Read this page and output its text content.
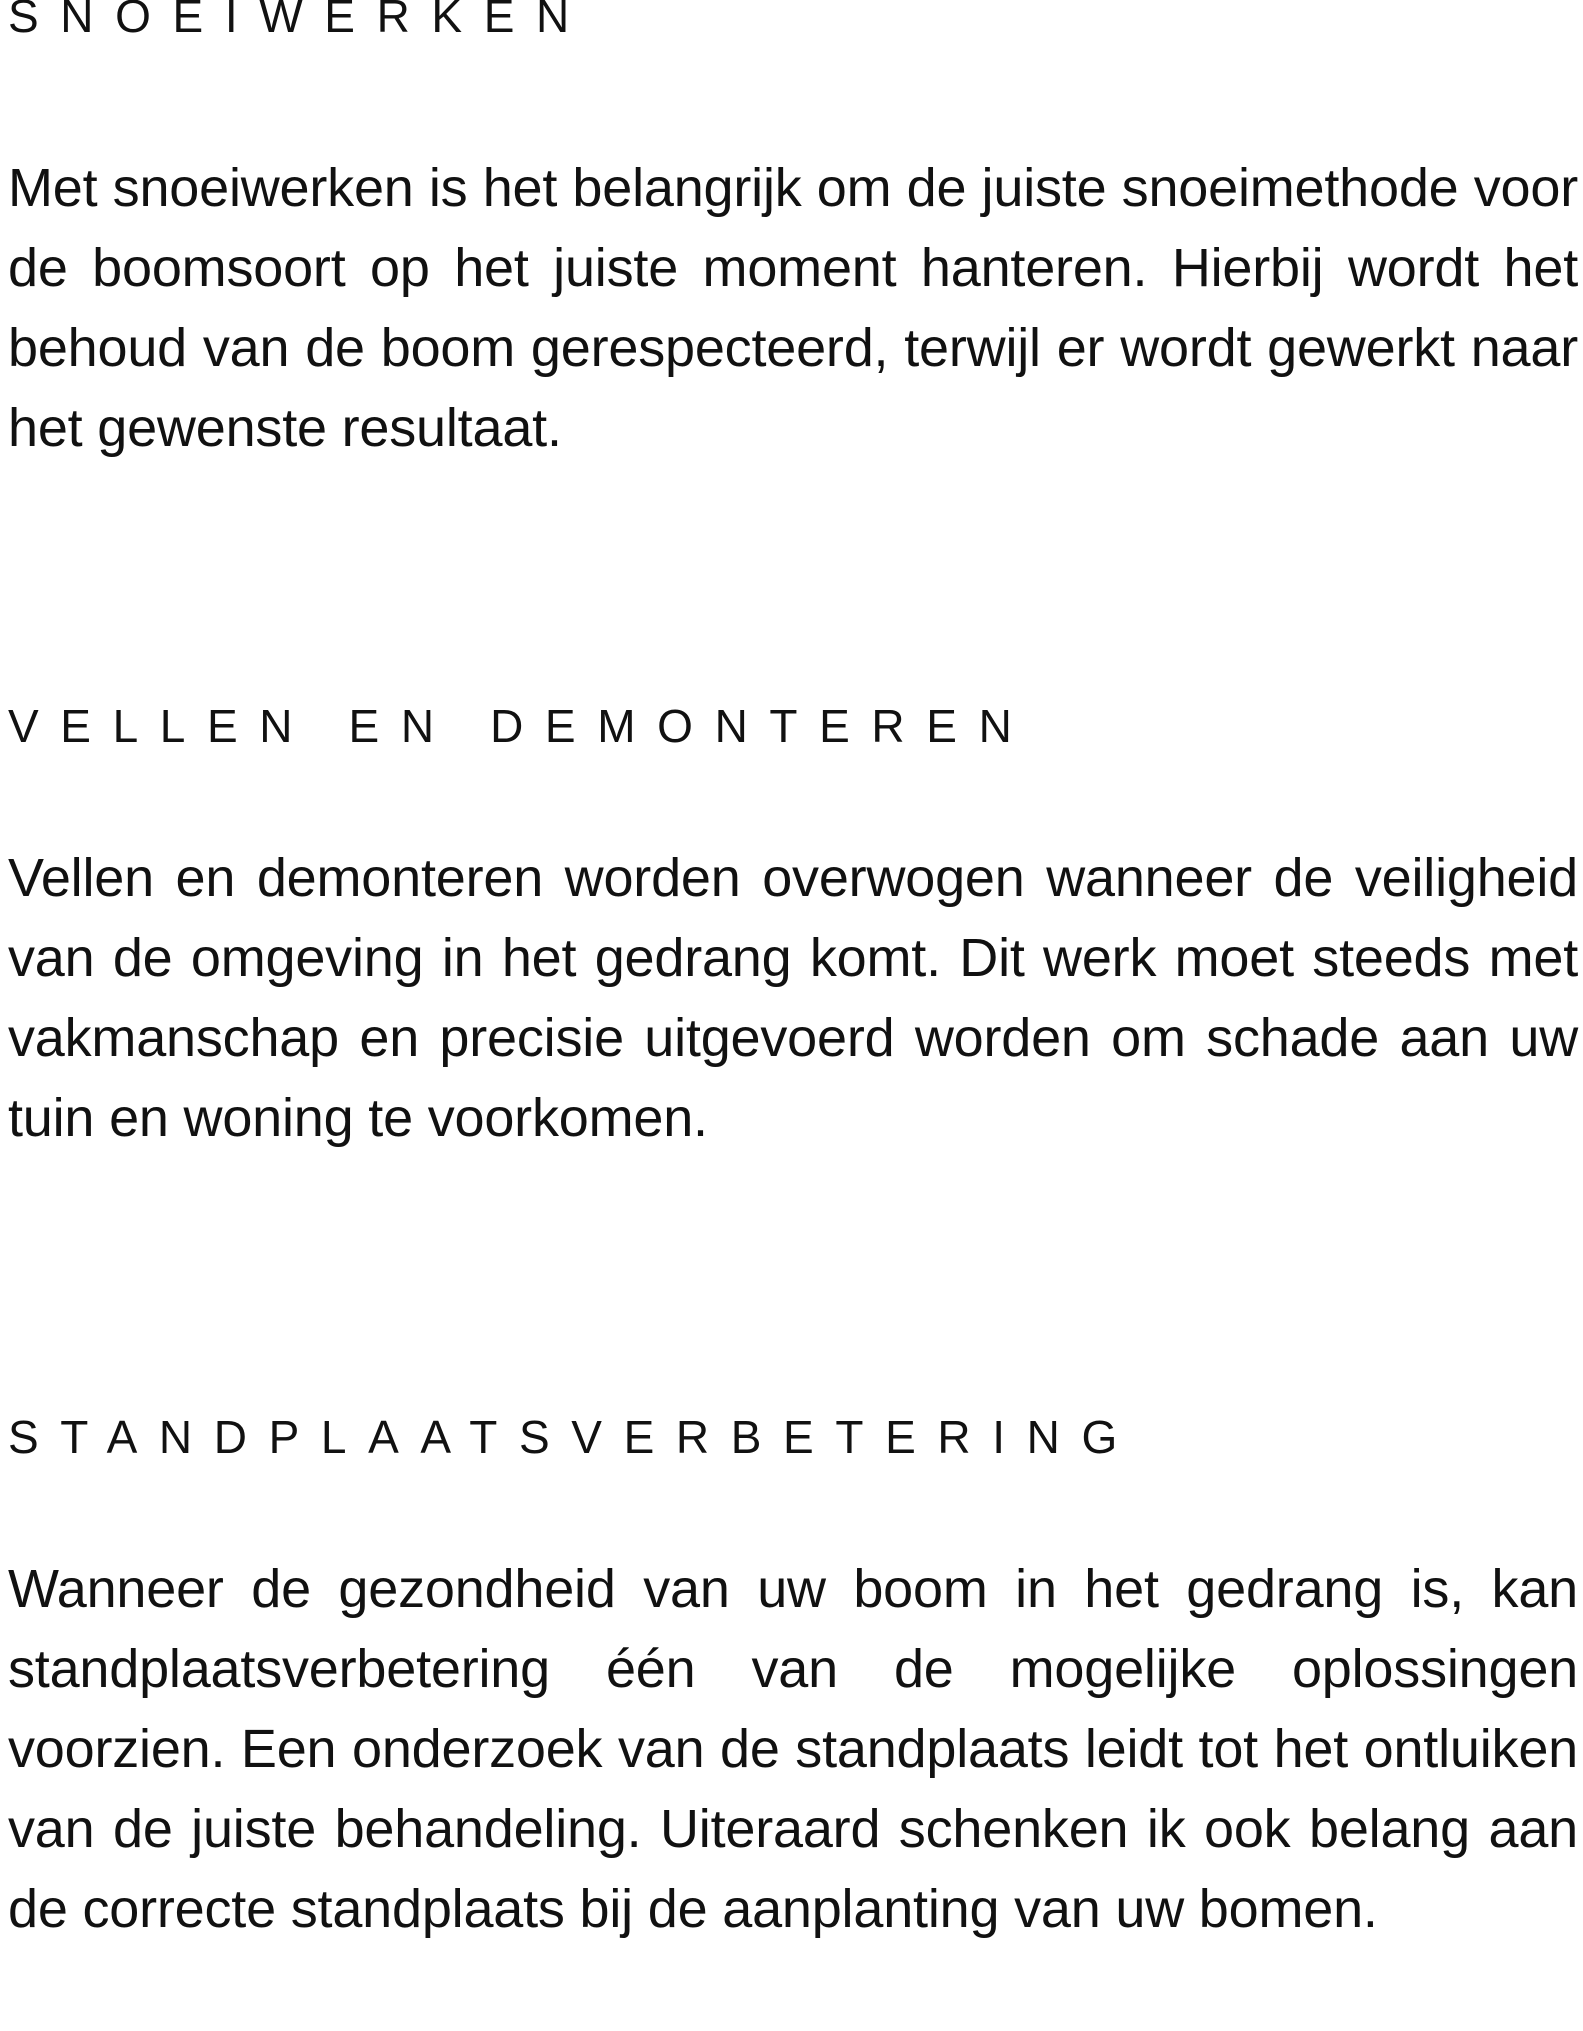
SNOEIWERKEN

Met snoeiwerken is het belangrijk om de juiste snoeimethode voor de boomsoort op het juiste moment hanteren. Hierbij wordt het behoud van de boom gerespecteerd, terwijl er wordt gewerkt naar het gewenste resultaat.

VELLEN EN DEMONTEREN

Vellen en demonteren worden overwogen wanneer de veiligheid van de omgeving in het gedrang komt. Dit werk moet steeds met vakmanschap en precisie uitgevoerd worden om schade aan uw tuin en woning te voorkomen.

STANDPLAATSVERBETERING

Wanneer de gezondheid van uw boom in het gedrang is, kan standplaatsverbetering één van de mogelijke oplossingen voorzien. Een onderzoek van de standplaats leidt tot het ontluiken van de juiste behandeling. Uiteraard schenken ik ook belang aan de correcte standplaats bij de aanplanting van uw bomen.
